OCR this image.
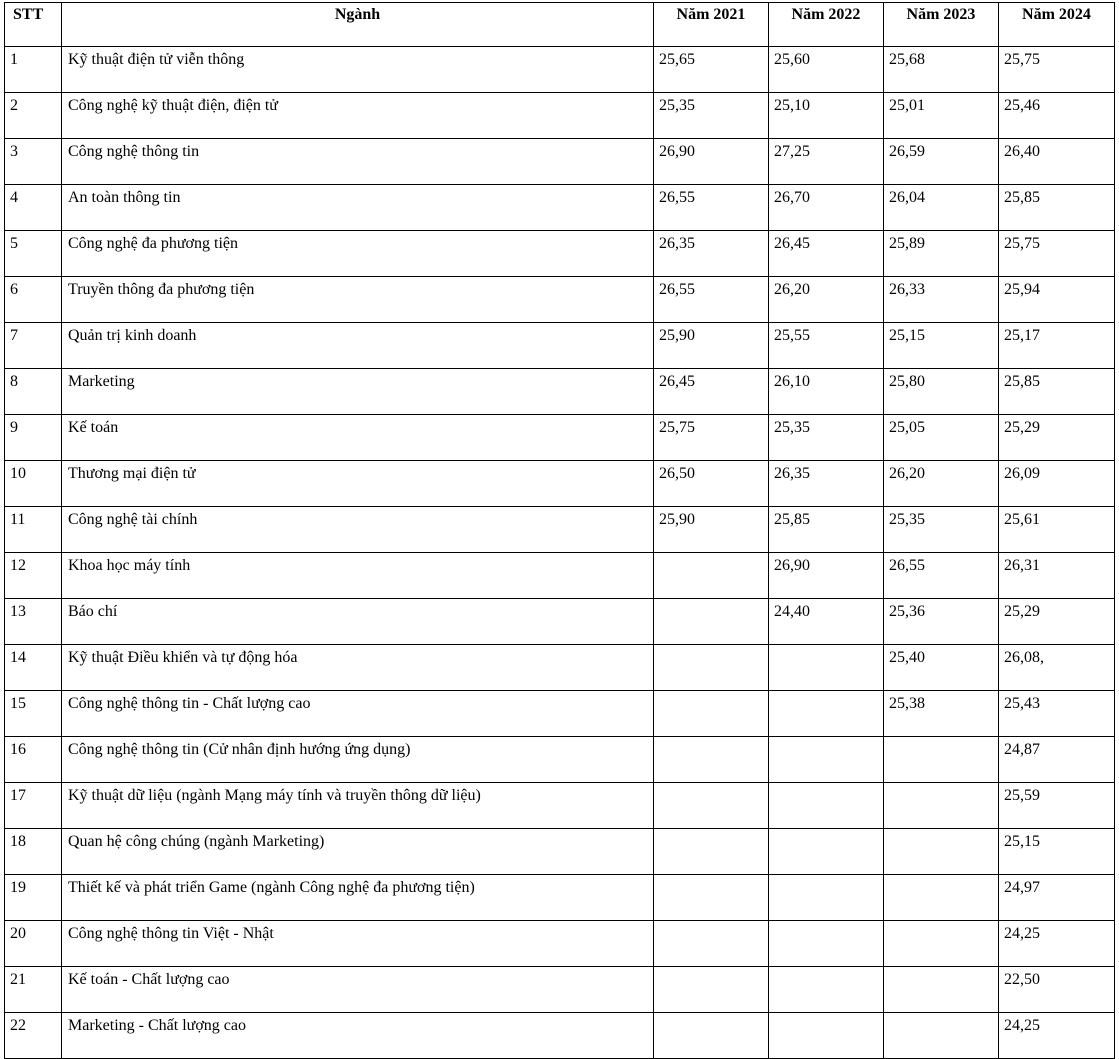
STT	Ngành	Năm 2021	Năm 2022	Năm 2023	Năm 2024
1	Kỹ thuật điện tử viễn thông	25,65	25,60	25,68	25,75
2	Công nghệ kỹ thuật điện, điện tử	25,35	25,10	25,01	25,46
3	Công nghệ thông tin	26,90	27,25	26,59	26,40
4	An toàn thông tin	26,55	26,70	26,04	25,85
5	Công nghệ đa phương tiện	26,35	26,45	25,89	25,75
6	Truyền thông đa phương tiện	26,55	26,20	26,33	25,94
7	Quản trị kinh doanh	25,90	25,55	25,15	25,17
8	Marketing	26,45	26,10	25,80	25,85
9	Kế toán	25,75	25,35	25,05	25,29
10	Thương mại điện tử	26,50	26,35	26,20	26,09
11	Công nghệ tài chính	25,90	25,85	25,35	25,61
12	Khoa học máy tính		26,90	26,55	26,31
13	Báo chí		24,40	25,36	25,29
14	Kỹ thuật Điều khiển và tự động hóa			25,40	26,08,
15	Công nghệ thông tin - Chất lượng cao			25,38	25,43
16	Công nghệ thông tin (Cử nhân định hướng ứng dụng)				24,87
17	Kỹ thuật dữ liệu (ngành Mạng máy tính và truyền thông dữ liệu)				25,59
18	Quan hệ công chúng (ngành Marketing)				25,15
19	Thiết kế và phát triển Game (ngành Công nghệ đa phương tiện)				24,97
20	Công nghệ thông tin Việt - Nhật				24,25
21	Kế toán - Chất lượng cao				22,50
22	Marketing - Chất lượng cao				24,25
